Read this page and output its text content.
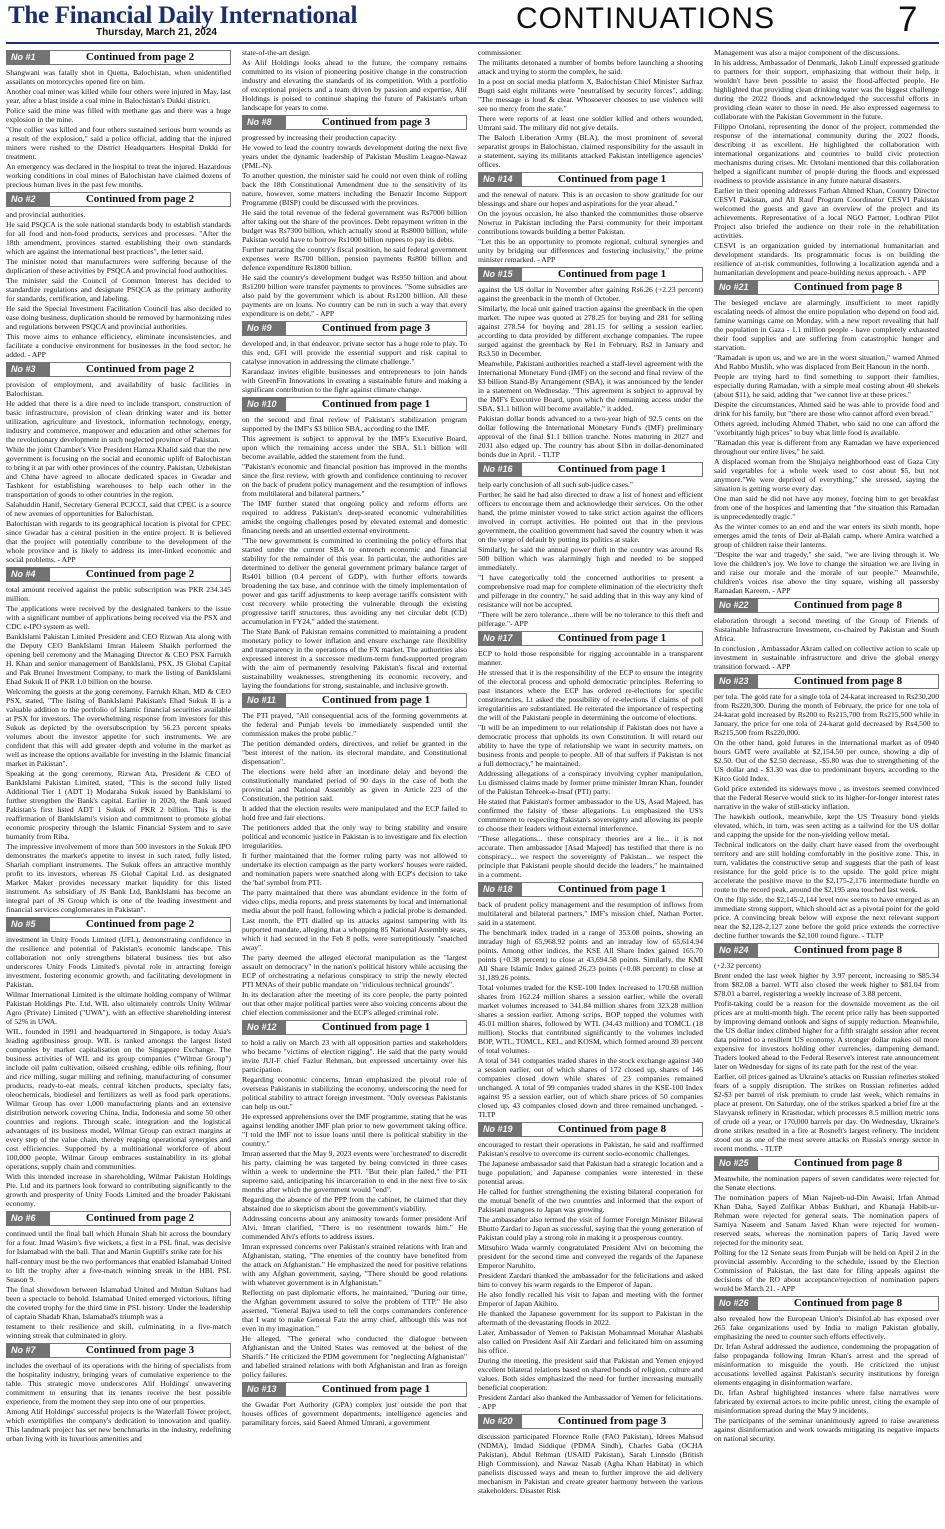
The Financial Daily International
Thursday, March 21, 2024	CONTINUATIONS	7
No #1	Continued from page 2

Shangwani was fatally shot in Quetta, Balochistan, when unidentified assailants on motorcycles opened fire on him.

Another coal miner was killed while four others were injured in May, last year, after a blast inside a coal mine in Balochistan's Dukki district.

Police said the mine was filled with methane gas and there was a huge explosion in the mine.

"One collier was killed and four others sustained serious burn wounds as a result of the explosion," said a police official, adding that the injured miners were rushed to the District Headquarters Hospital Dukki for treatment.

An emergency was declared in the hospital to treat the injured. Hazardous working conditions in coal mines of Balochistan have claimed dozens of precious human lives in the past few months.

No #2	Continued from page 2

and provincial authorities.

He said PSQCA is the sole national standards body to establish standards for all food and non-food products, services and processes. "After the 18th amendment, provinces started establishing their own standards which are against the international best practices", the letter said.

The minister noted that manufacturers were suffering because of the duplication of these activities by PSQCA and provincial food authorities.

The minister said the Council of Common Interest has decided to standardize regulations and designate PSQCA as the primary authority for standards, certification, and labeling.

He said the Special Investment Facilitation Council has also decided to ease doing business, duplication should be removed by harmonizing rules and regulations between PSQCA and provincial authorities.

This move aims to enhance efficiency, eliminate inconsistencies, and facilitate a conducive environment for businesses in the food sector, he added. - APP

No #3	Continued from page 2

provision of employment, and availability of basic facilities in Balochistan.

He added that there is a dire need to include transport, construction of basic infrastructure, provision of clean drinking water and its better utilization, agriculture and livestock, information technology, energy, industry and commerce, manpower and education and other schemes for the revolutionary development in such neglected province of Pakistan.

While the joint Chamber's Vice President Hamza Khalid said that the new government is focusing on the social and economic uplift of Balochistan to bring it at par with other provinces of the country. Pakistan, Uzbekistan and China have agreed to allocate dedicated spaces in Gwadar and Tashkent for establishing warehouses to help each other in the transportation of goods to other countries in the region.

Salahuddin Hanif, Secretary General PCJCCI, said that CPEC is a source of new avenues of opportunities for Balochistan.

Balochistan with regards to its geographical location is pivotal for CPEC since Gwadar has a central position in the entire project. It is believed that the project will potentially contribute to the development of the whole province and is likely to address its inter-linked economic and social problems. - APP

No #4	Continued from page 2

total amount received against the public subscription was PKR 234.345 million.

The applications were received by the designated bankers to the issue with a significant number of applications being received via the PSX and CDC e-IPO system as well.

BankIslami Pakistan Limited President and CEO Rizwan Ata along with the Deputy CEO BankIslami Imran Haleem Shaikh performed the opening bell ceremony and the Managing Director & CEO PSX Farrukh H. Khan and senior management of BankIslami, PSX, JS Global Capital and Pak Brunei Investment Company, to mark the listing of BankIslami Ehad Sukuk II of PKR 1.0 billion on the bourse.

Welcoming the guests at the gong ceremony, Farrukh Khan, MD & CEO PSX, stated, "The listing of BankIslami Pakistan's Ehad Sukuk II is a valuable addition to the portfolio of Islamic financial securities available at PSX for investors. The overwhelming response from investors for this Sukuk as depicted by the oversubscription by 56.23 percent speaks volumes about the investor appetite for such instruments. We are confident that this will add greater depth and volume in the market as well as increase the options available for investing in the Islamic financial market in Pakistan".

Speaking at the gong ceremony, Rizwan Ata, President & CEO of BankIslami Pakistan Limited, stated, "This is the second fully listed Additional Tier 1 (ADT 1) Modaraba Sukuk issued by BankIslami to further strengthen the Bank's capital. Earlier in 2020, the Bank issued Pakistan's first listed ADT 1 Sukuk of PKR 2 billion. This is the reaffirmation of BankIslami's vision and commitment to promote global economic prosperity through the Islamic Financial System and to save humanity from Riba.

The impressive involvement of more than 500 investors in the Sukuk IPO demonstrates the market's appetite to invest in such rated, fully listed, Shariah compliant instruments. The Sukuk offers an attractive monthly profit to its investors, whereas JS Global Capital Ltd. as designated Market Maker provides necessary market liquidity for this listed instrument. As subsidiary of JS Bank Ltd, BankIslami has become an integral part of JS Group which is one of the leading investment and financial services conglomerates in Pakistan".

No #5	Continued from page 2

investment in Unity Foods Limited (UFL), demonstrating confidence in the resilience and potential of Pakistan's economic landscape. This collaboration not only strengthens bilateral business ties but also underscores Unity Foods Limited's pivotal role in attracting foreign investment, fostering economic growth, and facilitating development in Pakistan.

Wilmar International Limited is the ultimate holding company of Wilmar Pakistan Holdings Pte. Ltd. WIL also ultimately controls Unity Wilmar Agro (Private) Limited ("UWA"), with an effective shareholding interest of 52% in UWA.

WIL, founded in 1991 and headquartered in Singapore, is today Asia's leading agribusiness group. WIL is ranked amongst the largest listed companies by market capitalisation on the Singapore Exchange. The business activities of WIL and its group companies ("Wilmar Group") include oil palm cultivation, oilseed crushing, edible oils refining, flour and rice milling, sugar milling and refining, manufacturing of consumer products, ready-to-eat meals, central kitchen products, specialty fats, oleochemicals, biodiesel and fertilizers as well as food park operations. Wilmar Group has over 1,000 manufacturing plants and an extensive distribution network covering China, India, Indonesia and some 50 other countries and regions. Through scale, integration and the logistical advantages of its business model, Wilmar Group can extract margins at every step of the value chain, thereby reaping operational synergies and cost efficiencies. Supported by a multinational workforce of about 100,000 people, Wilmar Group embraces sustainability in its global operations, supply chain and communities.

With this intended increase in shareholding, Wilmar Pakistan Holdings Pte. Ltd and its partners look forward to contributing significantly to the growth and prosperity of Unity Foods Limited and the broader Pakistani economy.

No #6	Continued from page 2

continued until the final ball which Hunain Shah hit across the boundary for a four. Imad Wasim's five wickets, a first in a PSL final, was decisive for Islamabad with the ball. That and Martin Guptill's strike rate for his

half-century must be the two performances that enabled Islamabad United to lift the trophy after a five-match winning streak in the HBL PSL Season 9.

The final showdown between Islamabad United and Multan Sultans had been a spectacle to behold. Islamabad United emerged victorious, lifting the coveted trophy for the third time in PSL history. Under the leadership of captain Shadab Khan, Islamabad's triumph was a

testament to their resilience and skill, culminating in a five-match winning streak that culminated in glory.

No #7	Continued from page 3

includes the overhaul of its operations with the hiring of specialists from the hospitality industry, bringing years of cumulative experience to the table. This strategic move underscores Alif Holdings' unwavering commitment to ensuring that its tenants receive the best possible experience, from the moment they step into one of our properties.

Among Alif Holdings' successful projects is the Waterfall Tower project, which exemplifies the company's dedication to innovation and quality. This landmark project has set new benchmarks in the industry, redefining urban living with its luxurious amenities and

state-of-the-art design.

As Alif Holdings looks ahead to the future, the company remains committed to its vision of pioneering positive change in the construction industry and elevating the standards of its competition. With a portfolio of exceptional projects and a team driven by passion and expertise, Alif Holdings is poised to continue shaping the future of Pakistan's urban landscape for years to come.

No #8	Continued from page 3

progressed by increasing their production capacity.

He vowed to lead the country towards development during the next five years under the dynamic leadership of Pakistan Muslim League-Nawaz (PML-N).

To another question, the minister said he could not even think of rolling back the 18th Constitutional Amendment due to the sensitivity of its nature, however, some matters including the Benazir Income Support Programme (BISP) could be discussed with the provinces.

He said the total revenue of the federal government was Rs7000 billion after taking out the share of the provinces. Debt repayment written in the budget was Rs7300 billion, which actually stood at Rs8000 billion, while Pakistan would have to borrow Rs1000 billion rupees to pay its debts.

Further narrating the country's fiscal position, he said federal government expenses were Rs700 billion, pension payments Rs800 billion and defence expenditure Rs1800 billion.

He said the country's development budget was Rs950 billion and about Rs1200 billion were transfer payments to provinces. "Some subsidies are also paid by the government which is about Rs1200 billion. All these payments are on loans. No country can be run in such a way that every expenditure is on debt," - APP

No #9	Continued from page 3

developed and, in that endeavor, private sector has a huge role to play. To this end, GFI will provide the essential support and risk capital to catalyse innovation in addressing the climate challenge."

Karandaaz invites eligible businesses and entrepreneurs to join hands with GreenFin Innovations in creating a sustainable future and making a significant contribution to the fight against climate change.

No #10	Continued from page 1

on the second and final review of Pakistan's stabilization program supported by the IMF's $3 billion SBA, according to the IMF.

This agreement is subject to approval by the IMF's Executive Board, upon which the remaining access under the SBA, $1.1 billion will become available, added the statement from the fund.

"Pakistan's economic and financial position has improved in the months since the first review, with growth and confidence continuing to recover on the back of prudent policy management and the resumption of inflows from multilateral and bilateral partners."

The IMF further stated that ongoing policy and reform efforts are required to address Pakistan's deep-seated economic vulnerabilities amidst the ongoing challenges posed by elevated external and domestic financing needs and an unsettled external environment.

"The new government is committed to continuing the policy efforts that started under the current SBA to entrench economic and financial stability for the remainder of this year. In particular, the authorities are determined to deliver the general government primary balance target of Rs401 billion (0.4 percent of GDP), with further efforts towards broadening the tax base, and continue with the timely implementation of power and gas tariff adjustments to keep average tariffs consistent with cost recovery while protecting the vulnerable through the existing progressive tariff structures, thus avoiding any net circular debt (CD) accumulation in FY24," added the statement.

The State Bank of Pakistan remains committed to maintaining a prudent monetary policy to lower inflation and ensure exchange rate flexibility and transparency in the operations of the FX market. The authorities also expressed interest in a successor medium-term fund-supported program with the aim of permanently resolving Pakistan's fiscal and external sustainability weaknesses, strengthening its economic recovery, and laying the foundations for strong, sustainable, and inclusive growth.

No #11	Continued from page 1

The PTI prayed, "All consequential acts of the forming governments at the federal and Punjab levels be immediately suspended until the commission makes the probe public."

The petition demanded orders, directives, and relief be granted in the "best interest of the nation, its electoral mandate, and Constitutional dispensation".

The elections were held after an inordinate delay and beyond the constitutionally mandated period of 90 days in the case of both the provincial and National Assembly as given in Article 223 of the Constitution, the petition said.

It added that the election results were manipulated and the ECP failed to hold free and fair elections.

The petitioners added that the only way to bring stability and ensure political and economic justice in Pakistan is to investigate and fix election irregularities.

It further maintained that the former ruling party was not allowed to undertake its election campaign as the party workers' houses were raided, and nomination papers were snatched along with ECP's decision to take the 'bat' symbol from PTI.

The party maintained that there was abundant evidence in the form of video clips, media reports, and press statements by local and international media about the poll fraud, following which a judicial probe is demanded.

Last month, the PTI dialled up its attacks against tampering with its purported mandate, alleging that a whopping 85 National Assembly seats, which it had secured in the Feb 8 polls, were surreptitiously "snatched away".

The party deemed the alleged electoral manipulation as the "largest assault on democracy" in the nation's political history while accusing the ECP of orchestrating a nefarious conspiracy to strip the newly elected PTI MNAs of their public mandate on "ridiculous technical grounds".

In its declaration after the meeting of its core people, the party pointed out that other major political parties were also voicing concerns about the chief election commissioner and the ECP's alleged criminal role.

No #12	Continued from page 1

to hold a rally on March 23 with all opposition parties and stakeholders who became "victims of election rigging". He said that the party would invite JUI-F chief Fazlur Rehman, but expressed uncertainty over his participation.

Regarding economic concerns, Imran emphasized the pivotal role of overseas Pakistanis in stabilizing the economy, underscoring the need for political stability to attract foreign investment. "Only overseas Pakistanis can help us out."

He expressed apprehensions over the IMF programme, stating that he was against lending another IMF plan prior to new government taking office. "I told the IMF not to issue loans until there is political stability in the country."

Imran asserted that the May 9, 2023 events were 'orchestrated' to discredit his party, claiming he was targeted by being convicted in three cases within a week to undermine the PTI. "But their plan failed," the PTI supremo said, anticipating his incarceration to end in the next five to six months after which the government would "end".

Regarding the absence of the PPP from the cabinet, he claimed that they abstained due to skepticism about the government's viability.

Addressing concerns about any animosity towards former president Arif Alvi, Imran clarified, "There is no resentment towards him." He commended Alvi's efforts to address issues.

Imran expressed concerns over Pakistan's strained relations with Iran and Afghanistan, stating, "The enemies of the country have benefited from the attack on Afghanistan." He emphasized the need for positive relations with any Afghan government, saying, "There should be good relations with whatever government is in Afghanistan."

Reflecting on past diplomatic efforts, he maintained, "During our time, the Afghan government assured to solve the problem of TTP." He also asserted, "General Bajwa used to tell the corps commanders conference that I want to make General Faiz the army chief, although this was not even in my imagination."

He alleged, "The general who conducted the dialogue between Afghanistan and the United States was removed at the behest of the Sharifs." He criticized the PDM government for "neglecting Afghanistan" and labelled strained relations with both Afghanistan and Iran as foreign policy failures.

No #13	Continued from page 1

the Gwadar Port Authority (GPA) complex just outside the port that houses offices of government departments, intelligence agencies and paramilitary forces, said Saeed Ahmed Umrani, a government

commissioner.

The militants detonated a number of bombs before launching a shooting attack and trying to storm the complex, he said.

In a post on social media platform X, Balochistan Chief Minister Sarfraz Bugti said eight militants were "neutralised by security forces", adding: "The message is loud & clear. Whosoever chooses to use violence will see no mercy from the state."

There were reports of at least one soldier killed and others wounded, Umrani said. The military did not give details.

The Baloch Liberation Army (BLA), the most prominent of several separatist groups in Balochistan, claimed responsibility for the assault in a statement, saying its militants attacked Pakistan intelligence agencies' offices.

No #14	Continued from page 1

and the renewal of nature. This is an occasion to show gratitude for our blessings and share our hopes and aspirations for the year ahead."

On the joyous occasion, he also thanked the communities those observe Nowruz in Pakistan including the Parsi community for their important contributions towards building a better Pakistan.

"Let this be an opportunity to promote regional, cultural synergies and unity by bridging our differences and fostering inclusivity," the prime minister remarked. - APP

No #15	Continued from page 1

against the US dollar in November after gaining Rs6.26 (+2.23 percent) against the greenback in the month of October.

Similarly, the local unit gained traction against the greenback in the open market. The rupee was quoted at 278.25 for buying and 281 for selling against 278.54 for buying and 281.15 for selling a session earlier, according to data provided by different exchange companies. The rupee surged against the greenback by Re1 in February, Rs2 in January and Rs3.50 in December.

Meanwhile, Pakistani authorities reached a staff-level agreement with the International Monetary Fund (IMF) on the second and final review of the $3 billion Stand-By Arrangement (SBA), it was announced by the lender in a statement on Wednesday. "This agreement is subject to approval by the IMF's Executive Board, upon which the remaining access under the SBA, $1.1 billion will become available," it added.

Pakistan dollar bonds advanced to a two-year high of 92.5 cents on the dollar following the International Monetary Fund's (IMF) preliminary approval of the final $1.1 billion tranche. Notes maturing in 2027 and 2031 also edged up. The country has about $1bn in dollar-denominated bonds due in April. - TLTP

No #16	Continued from page 1

help early conclusion of all such sub-judice cases."

Further, he said he had also directed to draw a list of honest and efficient officers to encourage them and acknowledge their services. On the other hand, the prime minister vowed to take strict action against the officers involved in corrupt activities. He pointed out that in the previous government, the coalition government had saved the country when it was on the verge of default by putting its politics at stake.

Similarly, he said the annual power theft in the country was around Rs 500 billion which was alarmingly high and needed to be stopped immediately.

"I have categorically told the concerned authorities to present a comprehensive road map for complete elimination of the electricity theft and pilferage in the country," he said adding that in this way any kind of resistance will not be accepted.

"There will be zero tolerance...there will be no tolerance to this theft and pilferage."- APP

No #17	Continued from page 1

ECP to hold those responsible for rigging accountable in a transparent manner.

He stressed that it is the responsibility of the ECP to ensure the integrity of the electoral process and uphold democratic principles. Referring to past instances where the ECP has ordered re-elections for specific constituencies, Lt asked the possibility of re-elections if claims of poll irregularities are substantiated. He reiterated the importance of respecting the will of the Pakistani people in determining the outcome of elections.

"It will be an impediment to our relationship if Pakistan does not have a democratic process that upholds its own Constitution. It will retard our ability to have the type of relationship we want in security matters, on business fronts and people to people. All of that suffers if Pakistan is not a full democracy," he maintained.

Addressing allegations of a conspiracy involving cypher manipulation, Lu dismissed claims made by former prime minister Imran Khan, founder of the Pakistan Tehreek-e-Insaf (PTI) party.

He stated that Pakistan's former ambassador to the US, Asad Majeed, has confirmed the falsity of these allegations. Lu emphasized the US's commitment to respecting Pakistan's sovereignty and allowing its people to choose their leaders without external interference.

"These allegations... these conspiracy theories are a lie... it is not accurate. Then ambassador [Asad Majeed] has testified that there is no conspiracy... we respect the sovereignty of Pakistan... we respect the principle that Pakistani people should decide the leaders," he maintained in a comment.

No #18	Continued from page 1

back of prudent policy management and the resumption of inflows from multilateral and bilateral partners," IMF's mission chief, Nathan Porter, said in a statement.

The benchmark index traded in a range of 353.08 points, showing an intraday high of 65,968.92 points and an intraday low of 65,614.94 points. Among other indices, the KSE All Share Index gained 165.70 points (+0.38 percent) to close at 43,694.58 points. Similarly, the KMI All Share Islamic Index gained 26.23 points (+0.08 percent) to close at 31,189.26 points.

Total volumes traded for the KSE-100 Index increased to 170.68 million shares from 162.24 million shares a session earlier, while the overall market volumes increased to 341.84 million shares from 323.28 million shares a session earlier. Among scrips, BOP topped the volumes with 45.01 million shares, followed by WTL (34.43 million) and TOMCL (18 million). Stocks that contributed significantly to the volumes included BOP, WTL, TOMCL, KEL, and KOSM, which formed around 39 percent of total volumes.

A total of 341 companies traded shares in the stock exchange against 340 a session earlier, out of which shares of 172 closed up, shares of 146 companies closed down while shares of 23 companies remained unchanged. A total of 99 companies traded shares in the KSE-100 Index against 95 a session earlier, out of which share prices of 50 companies closed up, 43 companies closed down and three remained unchanged. - TLTP

No #19	Continued from page 8

encouraged to restart their operations in Pakistan, he said and reaffirmed Pakistan's resolve to overcome its current socio-economic challenges.

The Japanese ambassador said that Pakistan had a strategic location and a huge population, and Japanese companies were interested in these potential areas.

He called for further strengthening the existing bilateral cooperation for the mutual benefit of the two countries and informed that the export of Pakistani mangoes to Japan was growing.

The ambassador also termed the visit of former Foreign Minister Bilawal Bhutto Zardari to Japan as successful, saying that the young generation of Pakistan could play a strong role in making it a prosperous country.

Mitsuhiro Wada warmly congratulated President Alvi on becoming the president for the second time and conveyed the regards of the Japanese Emperor Naruhito.

President Zardari thanked the ambassador for the felicitations and asked him to convey his warm regards to the Emperor of Japan.

He also fondly recalled his visit to Japan and meeting with the former Emperor of Japan Akihito.

He thanked the Japanese government for its support to Pakistan in the aftermath of the devastating floods in 2022.

Later, Ambassador of Yemen to Pakistan Mohammad Motahar Alashabi also called on President Asif Ali Zardari and felicitated him on assuming his office.

During the meeting, the president said that Pakistan and Yemen enjoyed excellent bilateral relations based on shared bonds of religion, culture and values. Both sides emphasized the need for further increasing mutually beneficial cooperation.

President Zardari also thanked the Ambassador of Yemen for felicitations. - APP

No #20	Continued from page 3

discussion participated Florence Rolle (FAO Pakistan), Idrees Mahsud (NDMA), Imdad Siddique (PDMA Sindh), Charles Gaba (OCHA Pakistan), Abdul Rehman (USAID Pakistan), Sarah Linnsdo (British High Commission), and Nawaz Nasab (Agha Khan Habitat) in which panelists discussed ways and mean to further improve the aid delivery mechanism in Pakistan and create greater harmony between the various stakeholders. Disaster Risk

Management was also a major component of the discussions.

In his address, Ambassador of Denmark, Jakob Linulf expressed gratitude to partners for their support, emphasizing that without their help, it wouldn't have been possible to assist the flood-affected people. He highlighted that providing clean drinking water was the biggest challenge during the 2022 floods and acknowledged the successful efforts in providing clean water to those in need. He also expressed eagerness to collaborate with the Pakistan Government in the future.

Filippo Ortolani, representing the donor of the project, commended the response of the international community during the 2022 floods, describing it as excellent. He highlighted the collaboration with international organizations and countries to build civic protection mechanisms during crises. Mr. Ortolani mentioned that this collaboration helped a significant number of people during the floods and expressed readiness to provide assistance in any future natural disasters.

Earlier in their opening addresses Farhan Ahmed Khan, Country Director CESVI Pakistan, and Ali Rauf Program Coordinator CESVI Pakistan welcomed the guests and gave an overview of the project and its achievements. Representative of a local NGO Partner, Lodhran Pilot Project also briefed the audience on their role in the rehabilitation activities.

CESVI is an organization guided by international humanitarian and development standards. Its programmatic focus is on building the resilience of at-risk communities, following a localization agenda and a humanitarian development and peace-building nexus approach. - APP

No #21	Continued from page 8

The besieged enclave are alarmingly insufficient to meet rapidly escalating needs of almost the entire population who depend on food aid, famine warnings came on Monday, with a new report revealing that half the population in Gaza - 1.1 million people - have completely exhausted their food supplies and are suffering from catastrophic hunger and starvation.

"Ramadan is upon us, and we are in the worst situation," warned Ahmed Abd Rabbo Muslih, who was displaced from Beit Hanoun in the north.

People are trying hard to find something to support their families, especially during Ramadan, with a simple meal costing about 40 shekels (about $11), he said, adding that "we cannot live at these prices."

Despite the circumstances, Ahmed said he was able to provide food and drink for his family, but "there are those who cannot afford even bread."

Others agreed, including Ahmed Thabet, who said no one can afford the "exorbitantly high prices" to buy what little food is available.

"Ramadan this year is different from any Ramadan we have experienced throughout our entire lives," he said.

A displaced woman from the Shujaiya neighborhood east of Gaza City said vegetables for a whole week used to cost about $5, but not anymore."We were deprived of everything," she stressed, saying the situation is getting worse every day.

One man said he did not have any money, forcing him to get breakfast from one of the hospices and lamenting that "the situation this Ramadan is unprecedentedly tragic."

As the winter comes to an end and the war enters its sixth month, hope emerges amid the tents of Deir al-Balah camp, where Amira watched a group of children raise their lanterns.

"Despite the war and tragedy," she said, "we are living through it. We love the children's joy. We love to change the situation we are living in and raise our morale and the morale of our people." Meanwhile, children's voices rise above the tiny square, wishing all passersby Ramadan Kareem. - APP

No #22	Continued from page 8

elaboration through a second meeting of the Group of Friends of Sustainable Infrastructure Investment, co-chaired by Pakistan and South Africa.

In conclusion , Ambassador Akram called on collective action to scale up investment in sustainable infrastructure and drive the global energy transition forward. - APP

No #23	Continued from page 8

per tola. The gold rate for a single tola of 24-karat increased to Rs230,200 from Rs220,300. During the month of February, the price for one tola of 24-karat gold increased by Rs200 to Rs215,700 from Rs215,500 while in January, the price for one tola of 24-karat gold decreased by Rs4,500 to Rs215,500 from Rs220,000.

On the other hand, gold futures in the international market as of 0940 hours GMT were available at $2,154.50 per ounce, showing a dip of $2.50. Out of the $2.50 decrease, -$5.80 was due to strengthening of the US dollar and - $3.30 was due to predominant buyers, according to the Kitco Gold Index.

Gold price extended its sideways move , as investors seemed convinced that the Federal Reserve would stick to its higher-for-longer interest rates narrative in the wake of still-sticky inflation.

The hawkish outlook, meanwhile, kept the US Treasury bond yields elevated, which, in turn, was seen acting as a tailwind for the US dollar and capping the upside for the non-yielding yellow metal.

Technical indicators on the daily chart have eased from the overbought territory and are still holding comfortably in the positive zone. This, in turn, validates the constructive setup and suggests that the path of least resistance for the gold price is to the upside. The gold price might accelerate the positive move to the $2,175-2,176 intermediate hurdle en route to the record peak, around the $2,195 area touched last week.

On the flip side, the $2,145-2,144 level now seems to have emerged as an immediate strong support, which should act as a pivotal point for the gold price. A convincing break below will expose the next relevant support near the $2,128-2,127 zone before the gold price extends the corrective decline further towards the $2,100 round figure. - TLTP

No #24	Continued from page 8

(+2.32 percent)

Brent ended the last week higher by 3.97 percent, increasing to $85.34 from $82.08 a barrel. WTI also closed the week higher to $81.04 from $78.01 a barrel, registering a weekly increase of 3.88 percent.

Profit-taking could be a reason for the downside movement as the oil prices are at multi-month high. The recent price rally has been supported by improving demand outlook and signs of supply reduction. Meanwhile, the US dollar index climbed higher for a fifth straight session after recent data pointed to a resilient US economy. A stronger dollar makes oil more expensive for investors holding other currencies, dampening demand. Traders looked ahead to the Federal Reserve's interest rate announcement later on Wednesday for signs of its rate path for the rest of the year.

Earlier, oil prices gained as Ukraine's attacks on Russian refineries stoked fears of a supply disruption. The strikes on Russian refineries added $2-$3 per barrel of risk premium to crude last week, which remains in place at present. On Saturday, one of the strikes sparked a brief fire at the Slavyansk refinery in Krasnodar, which processes 8.5 million metric tons of crude oil a year, or 170,000 barrels per day. On Wednesday, Ukraine's drone strikes resulted in a fire at Rosneft's largest refinery. The incident stood out as one of the most severe attacks on Russia's energy sector in recent months. - TLTP

No #25	Continued from page 8

Meanwhile, the nomination papers of seven candidates were rejected for the Senate elections.

The nomination papers of Mian Najeeb-ud-Din Awaisi, Irfan Ahmad Khan Daha, Sayed Zulfikar Abbas Bukhari, and Khanaja Habib-ur-Rehman were rejected for general seats. The nomination papers of Samiya Naseem and Sanam Javed Khan were rejected for women-reserved seats, whereas the nomination papers of Tariq Javed were rejected for the minority seat.

Polling for the 12 Senate seats from Punjab will be held on April 2 in the provincial assembly. According to the schedule, issued by the Election Commission of Pakistan, the last date for filing appeals against the decisions of the RO about acceptance/rejection of nomination papers would be March 21. - APP

No #26	Continued from page 8

also revealed how the European Union's DisinfoLab has exposed over 265 fake organizations used by India to malign Pakistan globally, emphasizing the need to counter such efforts effectively.

Dr. Irfan Ashraf addressed the audience, condemning the propagation of false propaganda following Imran Khan's arrest and the spread of misinformation to misguide the youth. He criticized the unjust accusations levelled against Pakistan's security institutions by foreign elements engaging in disinformation warfare.

Dr. Irfan Ashraf highlighted instances where false narratives were fabricated by external actors to incite public unrest, citing the example of misinformation spread during the May 9 incidents.

The participants of the seminar unanimously agreed to raise awareness against disinformation and work towards mitigating its negative impacts on national security.
